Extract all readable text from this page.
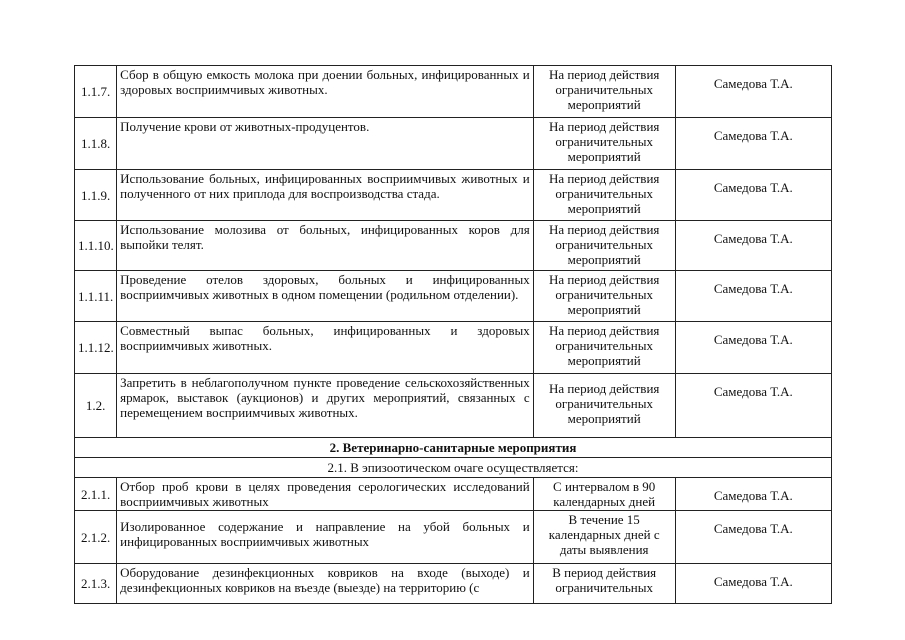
1.1.7.	Сбор в общую емкость молока при доении больных, инфицированных и здоровых восприимчивых животных.	На период действия ограничительных мероприятий	Самедова Т.А.
1.1.8.	Получение крови от животных-продуцентов.	На период действия ограничительных мероприятий	Самедова Т.А.
1.1.9.	Использование больных, инфицированных восприимчивых животных и полученного от них приплода для воспроизводства стада.	На период действия ограничительных мероприятий	Самедова Т.А.
1.1.10.	Использование молозива от больных, инфицированных коров для выпойки телят.	На период действия ограничительных мероприятий	Самедова Т.А.
1.1.11.	Проведение отелов здоровых, больных и инфицированных восприимчивых животных в одном помещении (родильном отделении).	На период действия ограничительных мероприятий	Самедова Т.А.
1.1.12.	Совместный выпас больных, инфицированных и здоровых восприимчивых животных.	На период действия ограничительных мероприятий	Самедова Т.А.
1.2.	Запретить в неблагополучном пункте проведение сельскохозяйственных ярмарок, выставок (аукционов) и других мероприятий, связанных с перемещением восприимчивых животных.	На период действия ограничительных мероприятий	Самедова Т.А.
2. Ветеринарно-санитарные мероприятия			
2.1. В эпизоотическом очаге осуществляется:			
2.1.1.	Отбор проб крови в целях проведения серологических исследований восприимчивых животных	С интервалом в 90 календарных дней	Самедова Т.А.
2.1.2.	Изолированное содержание и направление на убой больных и инфицированных восприимчивых животных	В течение 15 календарных дней с даты выявления	Самедова Т.А.
2.1.3.	Оборудование дезинфекционных ковриков на входе (выходе) и дезинфекционных ковриков на въезде (выезде) на территорию (с	В период действия ограничительных	Самедова Т.А.
